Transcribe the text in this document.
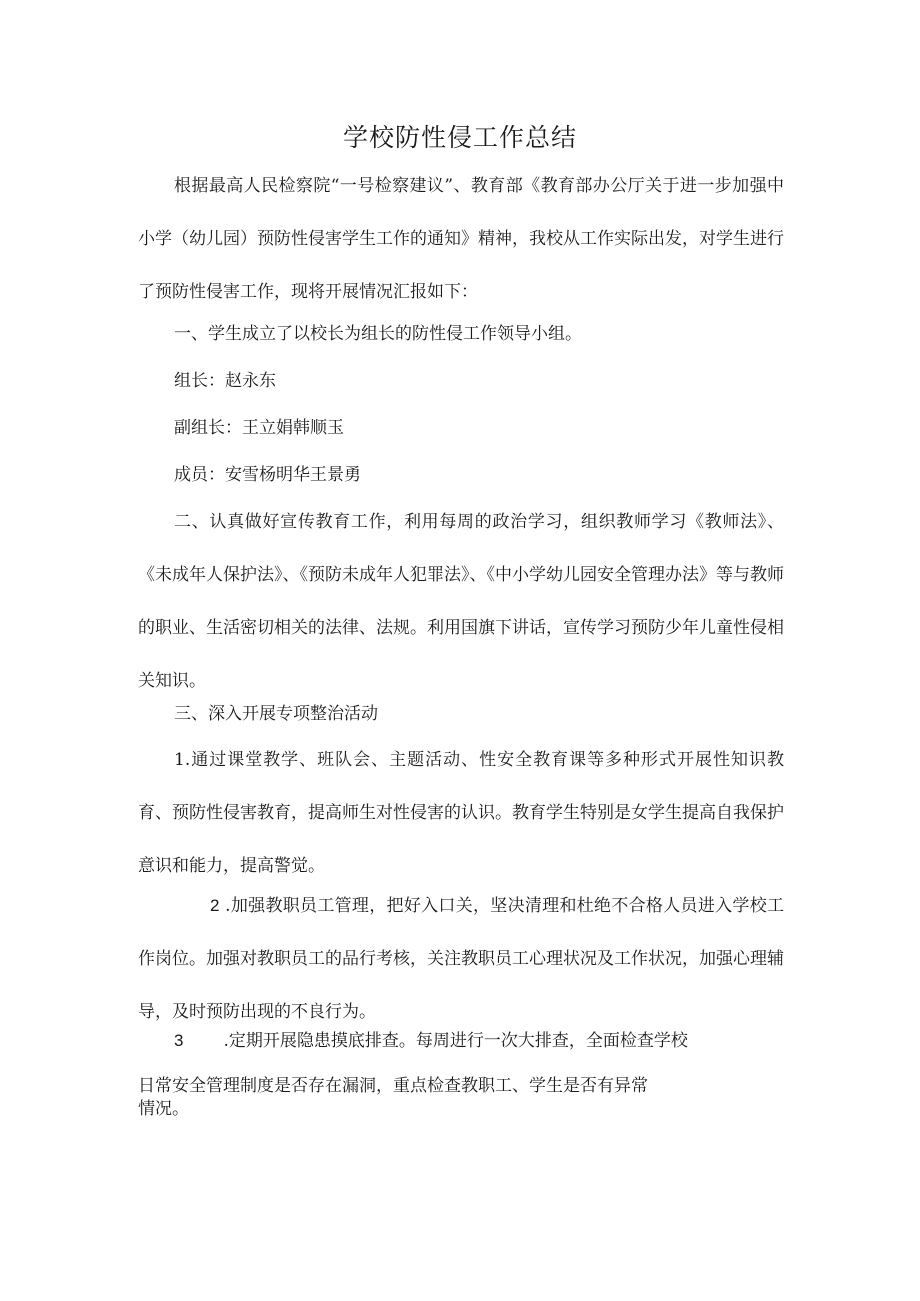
学校防性侵工作总结

根据最高人民检察院“一号检察建议”、教育部《教育部办公厅关于进一步加强中小学（幼儿园）预防性侵害学生工作的通知》精神，我校从工作实际出发，对学生进行了预防性侵害工作，现将开展情况汇报如下：

一、学生成立了以校长为组长的防性侵工作领导小组。

组长：赵永东

副组长：王立娟韩顺玉

成员：安雪杨明华王景勇

二、认真做好宣传教育工作，利用每周的政治学习，组织教师学习《教师法》、《未成年人保护法》、《预防未成年人犯罪法》、《中小学幼儿园安全管理办法》等与教师的职业、生活密切相关的法律、法规。利用国旗下讲话，宣传学习预防少年儿童性侵相关知识。

三、深入开展专项整治活动

1.通过课堂教学、班队会、主题活动、性安全教育课等多种形式开展性知识教育、预防性侵害教育，提高师生对性侵害的认识。教育学生特别是女学生提高自我保护意识和能力，提高警觉。

2 .加强教职员工管理，把好入口关，坚决清理和杜绝不合格人员进入学校工作岗位。加强对教职员工的品行考核，关注教职员工心理状况及工作状况，加强心理辅导，及时预防出现的不良行为。

3 .定期开展隐患摸底排查。每周进行一次大排查，全面检查学校

日常安全管理制度是否存在漏洞，重点检查教职工、学生是否有异常

情况。
